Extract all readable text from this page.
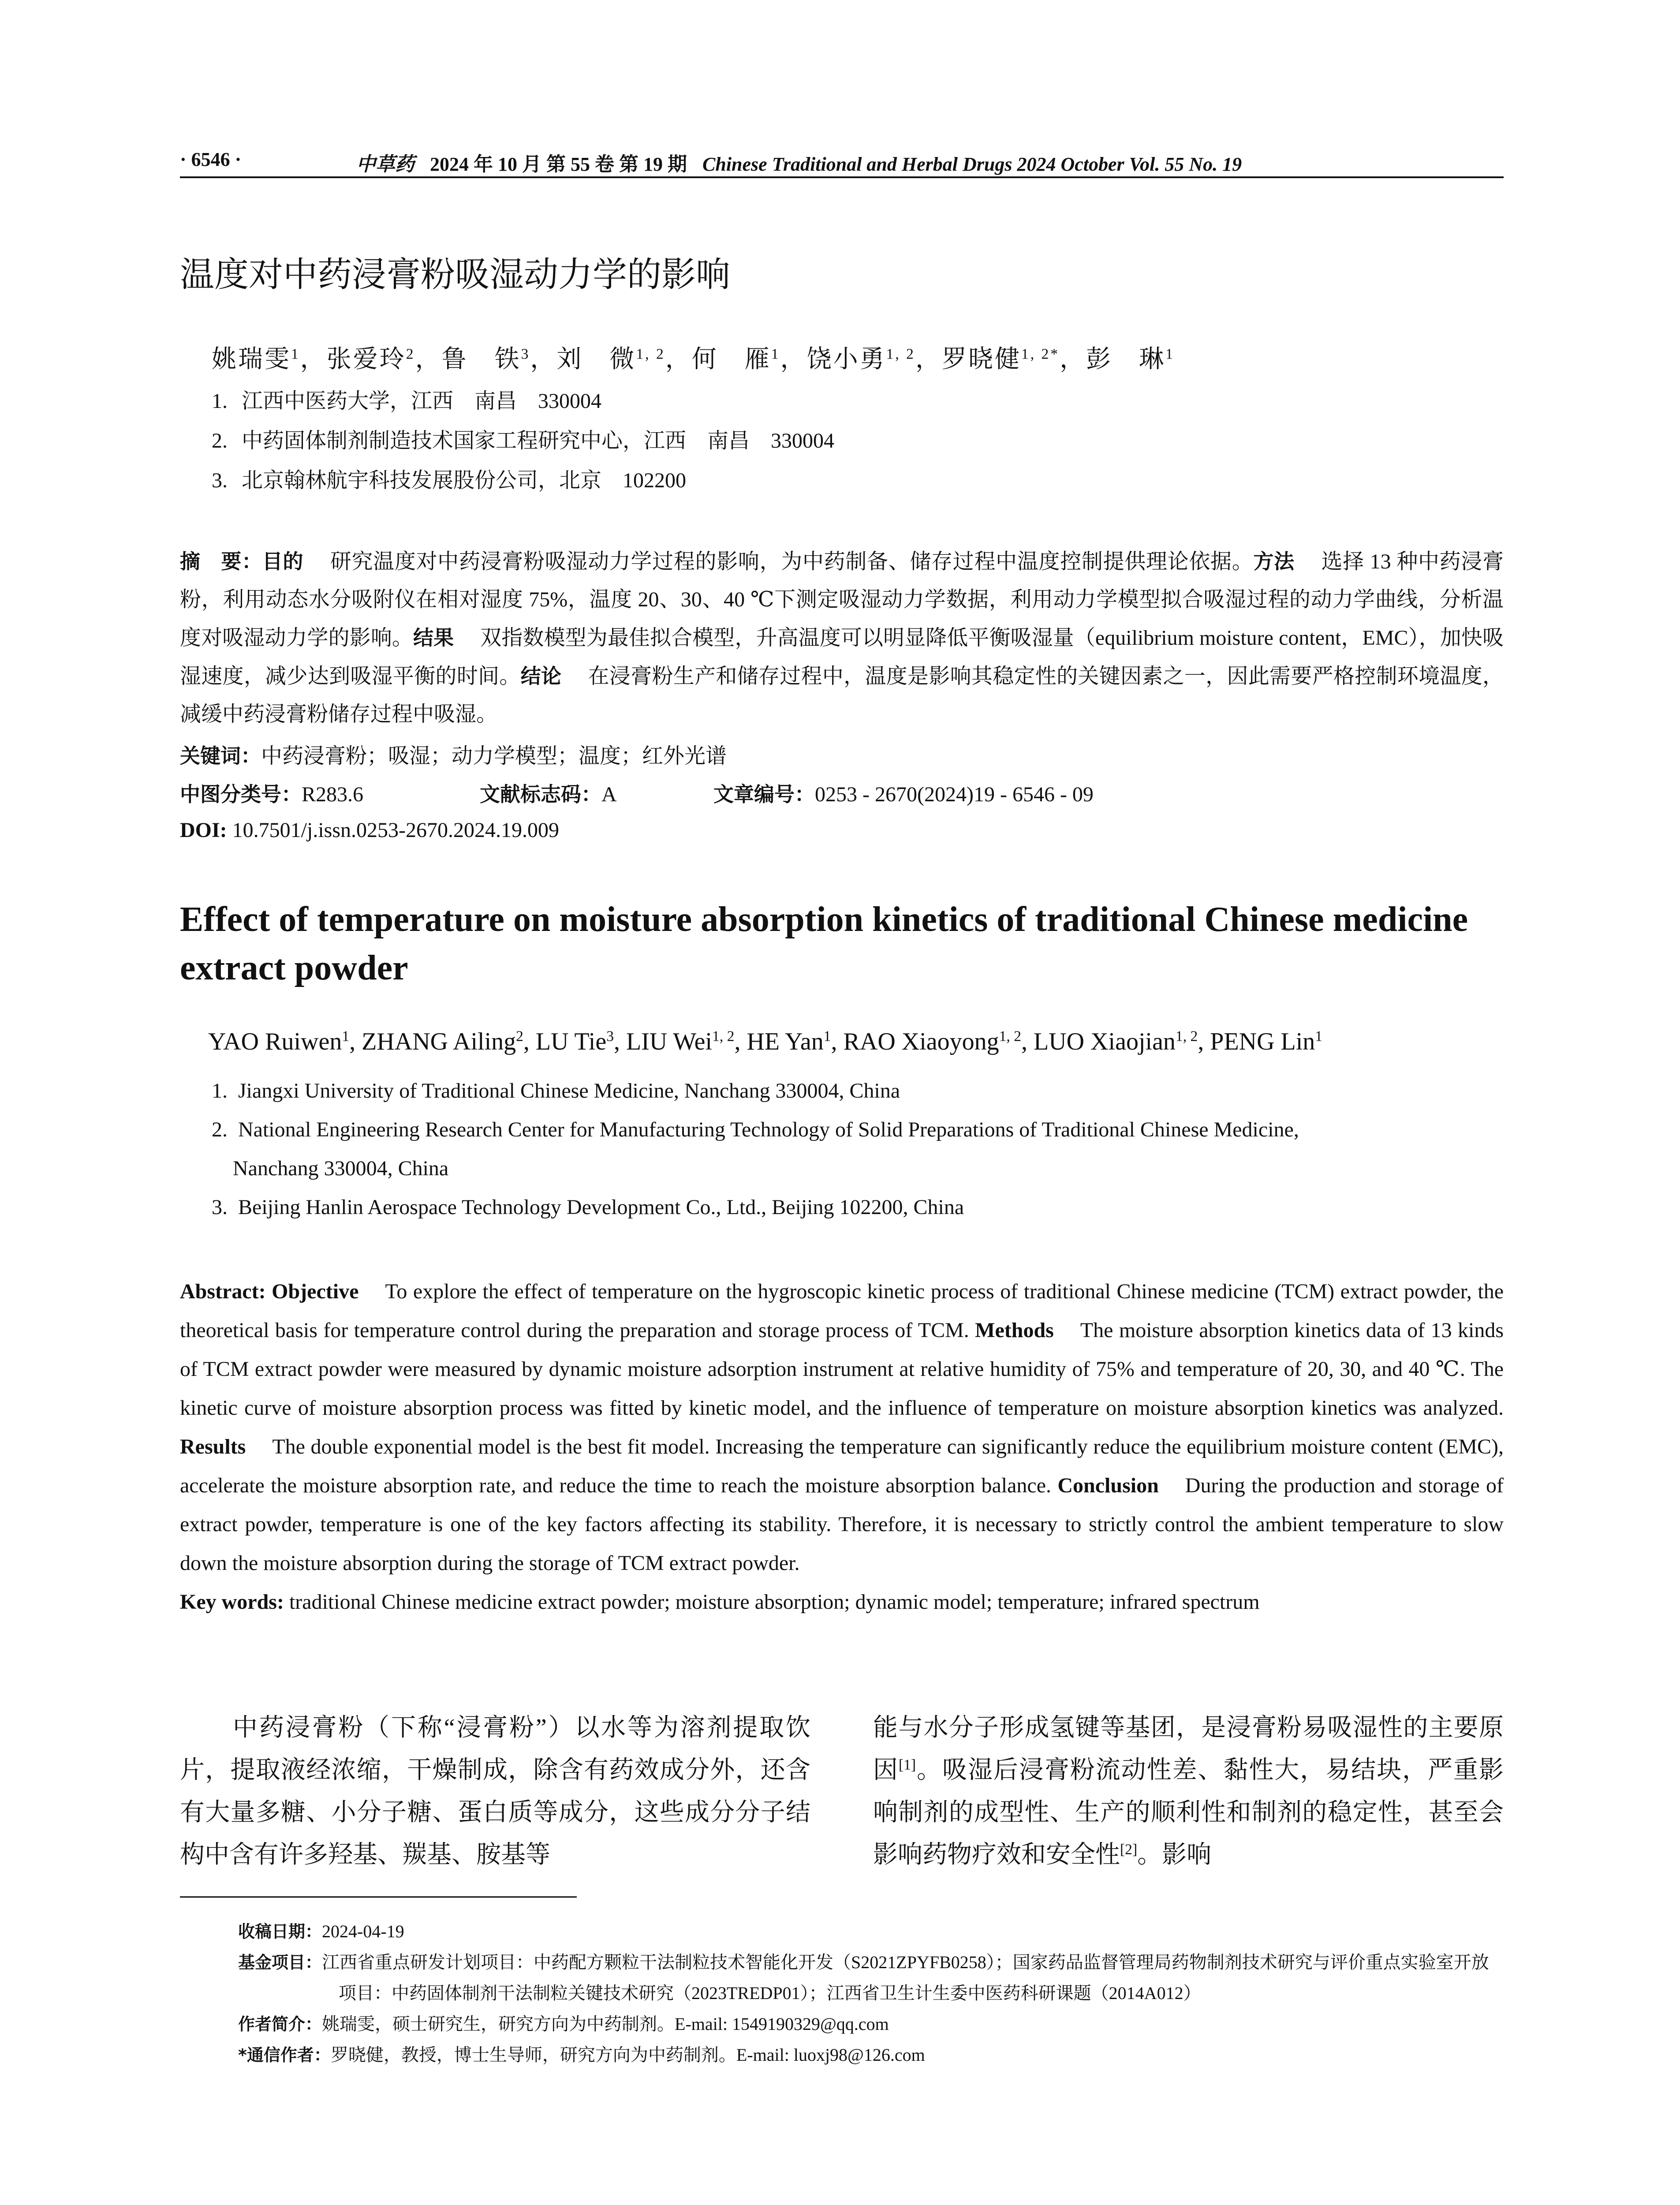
· 6546 ·	中草药 2024 年 10 月 第 55 卷 第 19 期 Chinese Traditional and Herbal Drugs 2024 October Vol. 55 No. 19
温度对中药浸膏粉吸湿动力学的影响
姚瑞雯$^1$，张爱玲$^2$，鲁　铁$^3$，刘　微$^{1, 2}$，何　雁$^1$，饶小勇$^{1, 2}$，罗晓健$^{1, 2*}$，彭　琳$^1$
1. 江西中医药大学，江西　南昌　330004
2. 中药固体制剂制造技术国家工程研究中心，江西　南昌　330004
3. 北京翰林航宇科技发展股份公司，北京　102200
摘　要：目的 研究温度对中药浸膏粉吸湿动力学过程的影响，为中药制备、储存过程中温度控制提供理论依据。方法 选择 13 种中药浸膏粉，利用动态水分吸附仪在相对湿度 75%，温度 20、30、40 ℃下测定吸湿动力学数据，利用动力学模型拟合吸湿过程的动力学曲线，分析温度对吸湿动力学的影响。结果 双指数模型为最佳拟合模型，升高温度可以明显降低平衡吸湿量（equilibrium moisture content，EMC），加快吸湿速度，减少达到吸湿平衡的时间。结论 在浸膏粉生产和储存过程中，温度是影响其稳定性的关键因素之一，因此需要严格控制环境温度，减缓中药浸膏粉储存过程中吸湿。
关键词：中药浸膏粉；吸湿；动力学模型；温度；红外光谱
中图分类号：R283.6	文献标志码：A	文章编号：0253 - 2670(2024)19 - 6546 - 09
DOI: 10.7501/j.issn.0253-2670.2024.19.009
Effect of temperature on moisture absorption kinetics of traditional Chinese medicine extract powder
YAO Ruiwen$^1$, ZHANG Ailing$^2$, LU Tie$^3$, LIU Wei$^{1, 2}$, HE Yan$^1$, RAO Xiaoyong$^{1, 2}$, LUO Xiaojian$^{1, 2}$, PENG Lin$^1$
1. Jiangxi University of Traditional Chinese Medicine, Nanchang 330004, China
2. National Engineering Research Center for Manufacturing Technology of Solid Preparations of Traditional Chinese Medicine,
Nanchang 330004, China
3. Beijing Hanlin Aerospace Technology Development Co., Ltd., Beijing 102200, China
Abstract: Objective To explore the effect of temperature on the hygroscopic kinetic process of traditional Chinese medicine (TCM) extract powder, the theoretical basis for temperature control during the preparation and storage process of TCM. Methods The moisture absorption kinetics data of 13 kinds of TCM extract powder were measured by dynamic moisture adsorption instrument at relative humidity of 75% and temperature of 20, 30, and 40 ℃. The kinetic curve of moisture absorption process was fitted by kinetic model, and the influence of temperature on moisture absorption kinetics was analyzed. Results The double exponential model is the best fit model. Increasing the temperature can significantly reduce the equilibrium moisture content (EMC), accelerate the moisture absorption rate, and reduce the time to reach the moisture absorption balance. Conclusion During the production and storage of extract powder, temperature is one of the key factors affecting its stability. Therefore, it is necessary to strictly control the ambient temperature to slow down the moisture absorption during the storage of TCM extract powder.
Key words: traditional Chinese medicine extract powder; moisture absorption; dynamic model; temperature; infrared spectrum
中药浸膏粉（下称“浸膏粉”）以水等为溶剂提取饮片，提取液经浓缩，干燥制成，除含有药效成分外，还含有大量多糖、小分子糖、蛋白质等成分，这些成分分子结构中含有许多羟基、羰基、胺基等
能与水分子形成氢键等基团，是浸膏粉易吸湿性的主要原因[1]。吸湿后浸膏粉流动性差、黏性大，易结块，严重影响制剂的成型性、生产的顺利性和制剂的稳定性，甚至会影响药物疗效和安全性[2]。影响
收稿日期：2024-04-19
基金项目：江西省重点研发计划项目：中药配方颗粒干法制粒技术智能化开发（S2021ZPYFB0258）；国家药品监督管理局药物制剂技术研究与评价重点实验室开放项目：中药固体制剂干法制粒关键技术研究（2023TREDP01）；江西省卫生计生委中医药科研课题（2014A012）
作者简介：姚瑞雯，硕士研究生，研究方向为中药制剂。E-mail: 1549190329@qq.com
*通信作者：罗晓健，教授，博士生导师，研究方向为中药制剂。E-mail: luoxj98@126.com
